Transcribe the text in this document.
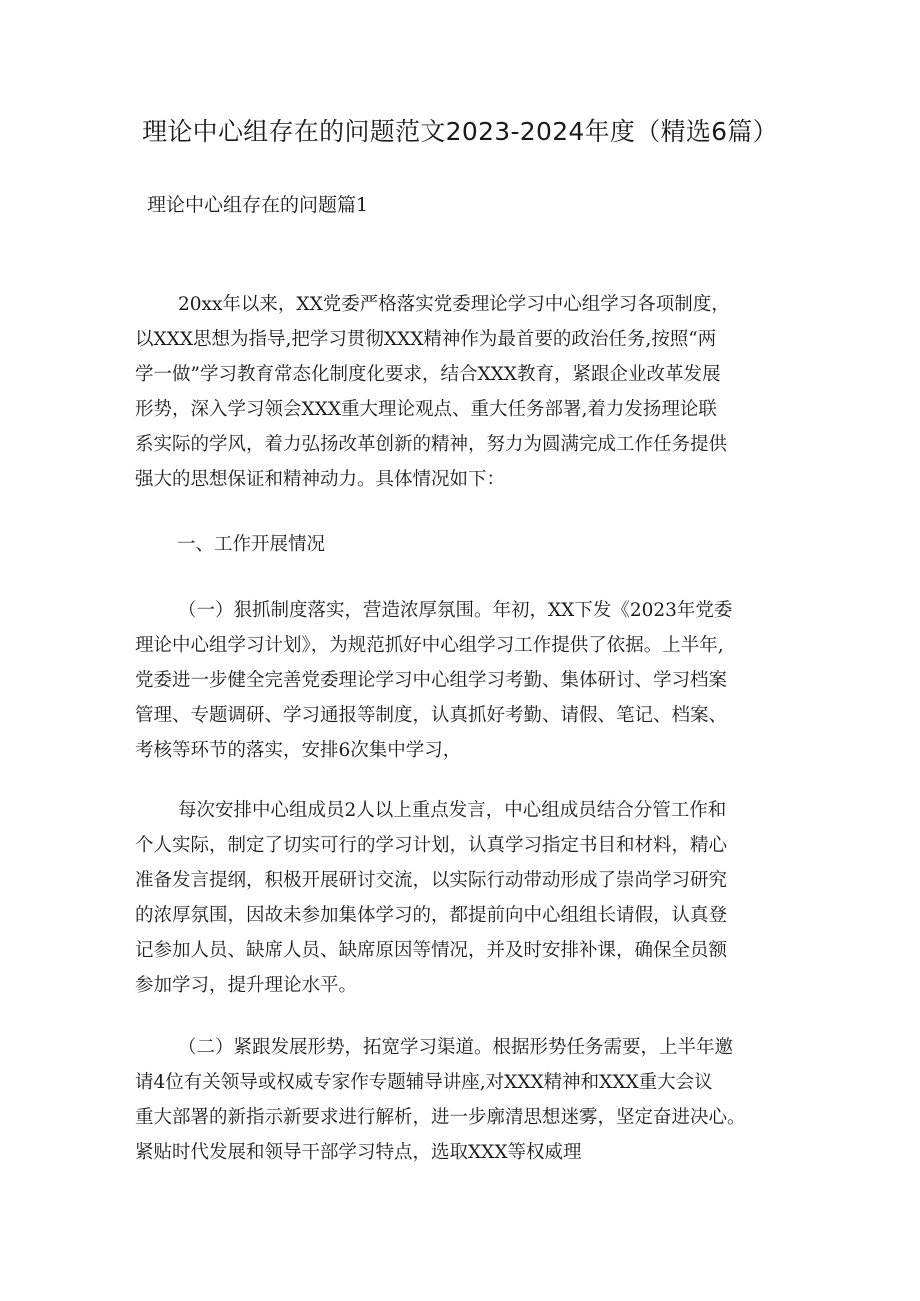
理论中心组存在的问题范文2023-2024年度（精选6篇）
理论中心组存在的问题篇1
20xx年以来，XX党委严格落实党委理论学习中心组学习各项制度，
以XXX思想为指导,把学习贯彻XXX精神作为最首要的政治任务,按照“两
学一做”学习教育常态化制度化要求，结合XXX教育，紧跟企业改革发展
形势，深入学习领会XXX重大理论观点、重大任务部署,着力发扬理论联
系实际的学风，着力弘扬改革创新的精神，努力为圆满完成工作任务提供
强大的思想保证和精神动力。具体情况如下：
一、工作开展情况
（一）狠抓制度落实，营造浓厚氛围。年初，XX下发《2023年党委
理论中心组学习计划》，为规范抓好中心组学习工作提供了依据。上半年,
党委进一步健全完善党委理论学习中心组学习考勤、集体研讨、学习档案
管理、专题调研、学习通报等制度，认真抓好考勤、请假、笔记、档案、
考核等环节的落实，安排6次集中学习，
每次安排中心组成员2人以上重点发言，中心组成员结合分管工作和
个人实际，制定了切实可行的学习计划，认真学习指定书目和材料，精心
准备发言提纲，积极开展研讨交流，以实际行动带动形成了崇尚学习研究
的浓厚氛围，因故未参加集体学习的，都提前向中心组组长请假，认真登
记参加人员、缺席人员、缺席原因等情况，并及时安排补课，确保全员额
参加学习，提升理论水平。
（二）紧跟发展形势，拓宽学习渠道。根据形势任务需要，上半年邀
请4位有关领导或权威专家作专题辅导讲座,对XXX精神和XXX重大会议
重大部署的新指示新要求进行解析，进一步廓清思想迷雾，坚定奋进决心。
紧贴时代发展和领导干部学习特点，选取XXX等权威理
